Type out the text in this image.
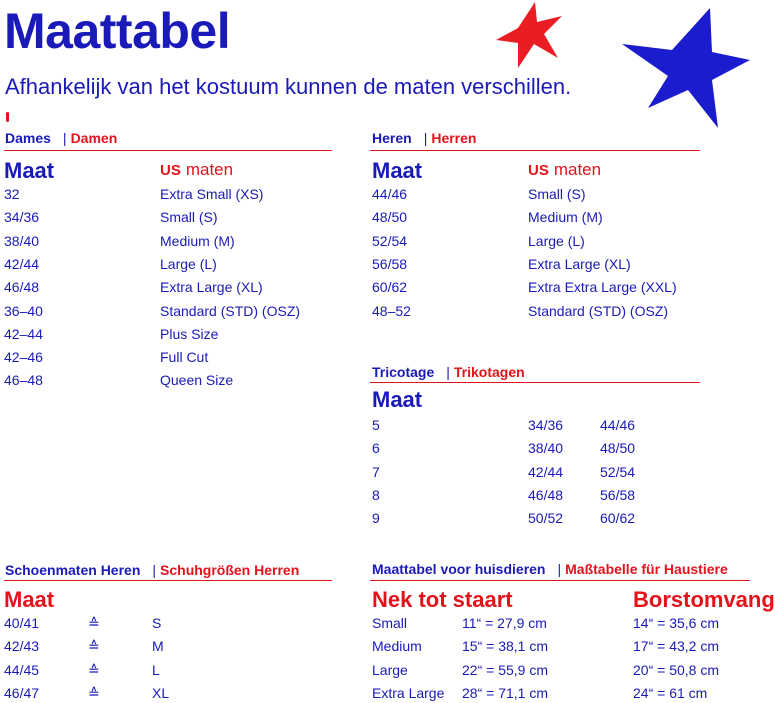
Maattabel
Afhankelijk van het kostuum kunnen de maten verschillen.
Dames | Damen
Maat	US maten
32	Extra Small (XS)
34/36	Small (S)
38/40	Medium (M)
42/44	Large (L)
46/48	Extra Large (XL)
36–40	Standard (STD) (OSZ)
42–44	Plus Size
42–46	Full Cut
46–48	Queen Size
Heren | Herren
Maat	US maten
44/46	Small (S)
48/50	Medium (M)
52/54	Large (L)
56/58	Extra Large (XL)
60/62	Extra Extra Large (XXL)
48–52	Standard (STD) (OSZ)
Tricotage | Trikotagen
Maat
5	34/36	44/46
6	38/40	48/50
7	42/44	52/54
8	46/48	56/58
9	50/52	60/62
Schoenmaten Heren | Schuhgrößen Herren
Maat
40/41	≙	S
42/43	≙	M
44/45	≙	L
46/47	≙	XL
Maattabel voor huisdieren | Maßtabelle für Haustiere
Nek tot staart	Borstomvang
Small	11“ = 27,9 cm	14“ = 35,6 cm
Medium	15“ = 38,1 cm	17“ = 43,2 cm
Large	22“ = 55,9 cm	20“ = 50,8 cm
Extra Large 28“ = 71,1 cm	24“ = 61 cm
